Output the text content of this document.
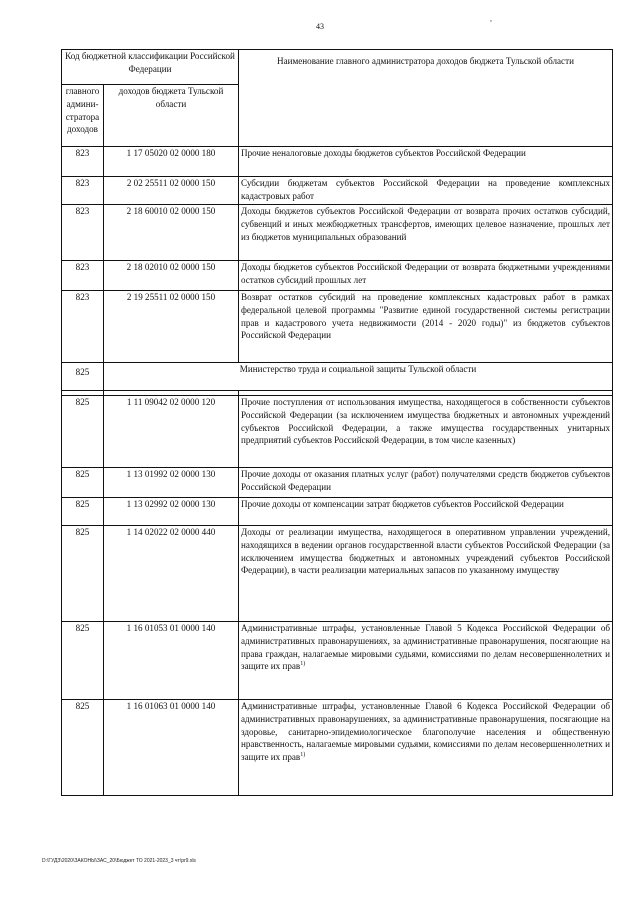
43
,
Код бюджетной классификации Российской Федерации		Наименование главного администратора доходов бюджета Тульской области
главного админи-стратора доходов	доходов бюджета Тульской области	
823	1 17 05020 02 0000 180	Прочие неналоговые доходы бюджетов субъектов Российской Федерации
823	2 02 25511 02 0000 150	Субсидии бюджетам субъектов Российской Федерации на проведение комплексных кадастровых работ
823	2 18 60010 02 0000 150	Доходы бюджетов субъектов Российской Федерации от возврата прочих остатков субсидий, субвенций и иных межбюджетных трансфертов, имеющих целевое назначение, прошлых лет из бюджетов муниципальных образований
823	2 18 02010 02 0000 150	Доходы бюджетов субъектов Российской Федерации от возврата бюджетными учреждениями остатков субсидий прошлых лет
823	2 19 25511 02 0000 150	Возврат остатков субсидий на проведение комплексных кадастровых работ в рамках федеральной целевой программы "Развитие единой государственной системы регистрации прав и кадастрового учета недвижимости (2014 - 2020 годы)" из бюджетов субъектов Российской Федерации
825	Министерство труда и социальной защиты Тульской области	

825	1 11 09042 02 0000 120	Прочие поступления от использования имущества, находящегося в собственности субъектов Российской Федерации (за исключением имущества бюджетных и автономных учреждений субъектов Российской Федерации, а также имущества государственных унитарных предприятий субъектов Российской Федерации, в том числе казенных)
825	1 13 01992 02 0000 130	Прочие доходы от оказания платных услуг (работ) получателями средств бюджетов субъектов Российской Федерации
825	1 13 02992 02 0000 130	Прочие доходы от компенсации затрат бюджетов субъектов Российской Федерации
825	1 14 02022 02 0000 440	Доходы от реализации имущества, находящегося в оперативном управлении учреждений, находящихся в ведении органов государственной власти субъектов Российской Федерации (за исключением имущества бюджетных и автономных учреждений субъектов Российской Федерации), в части реализации материальных запасов по указанному имуществу
825	1 16 01053 01 0000 140	Административные штрафы, установленные Главой 5 Кодекса Российской Федерации об административных правонарушениях, за административные правонарушения, посягающие на права граждан, налагаемые мировыми судьями, комиссиями по делам несовершеннолетних и защите их прав$^{1)}$
825	1 16 01063 01 0000 140	Административные штрафы, установленные Главой 6 Кодекса Российской Федерации об административных правонарушениях, за административные правонарушения, посягающие на здоровье, санитарно-эпидемиологическое благополучие населения и общественную нравственность, налагаемые мировыми судьями, комиссиями по делам несовершеннолетних и защите их прав$^{1)}$
D:\ГУДЗ\2020\ЗАКОНЫ\ЗАС_20\Бюджет ТО 2021-2023_3 чт\pr9.xls
